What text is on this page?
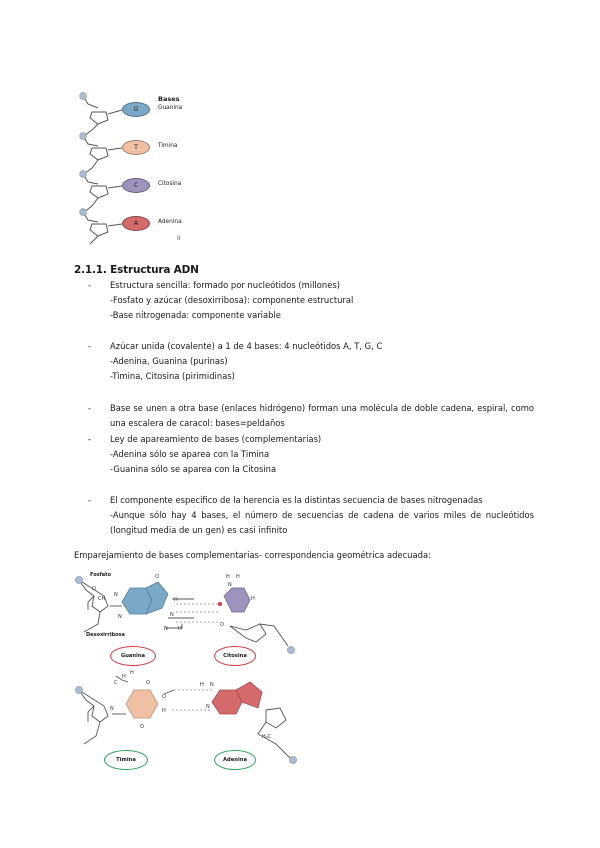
Bases
G	Guanina
T	Timina
C	Citosina
A	Adenina
II
2.1.1. Estructura ADN
-	Estructura sencilla: formado por nucleótidos (millones)
-Fosfato y azúcar (desoxirribosa): componente estructural
-Base nitrogenada: componente variable
-	Azúcar unida (covalente) a 1 de 4 bases: 4 nucleótidos A, T, G, C
-Adenina, Guanina (purinas)
-Timina, Citosina (pirimidinas)
-	Base se unen a otra base (enlaces hidrógeno) forman una molécula de doble cadena, espiral, como una escalera de caracol: bases=peldaños
-	Ley de apareamiento de bases (complementarias)
-Adenina sólo se aparea con la Timina
-Guanina sólo se aparea con la Citosina
-	El componente específico de la herencia es la distintas secuencia de bases nitrogenadas
-Aunque sólo hay 4 bases, el número de secuencias de cadena de varios miles de nucleótidos (longitud media de un gen) es casi infinito
Emparejamiento de bases complementarias- correspondencia geométrica adecuada:
O
H
N
N H
O
N
H H
H
N
N
CH
O
H
C
H
O
O
H
O
N
H N
N
H₂C
Fosfato
Desoxirribosa
Guanina	Citosina
Timina	Adenina
